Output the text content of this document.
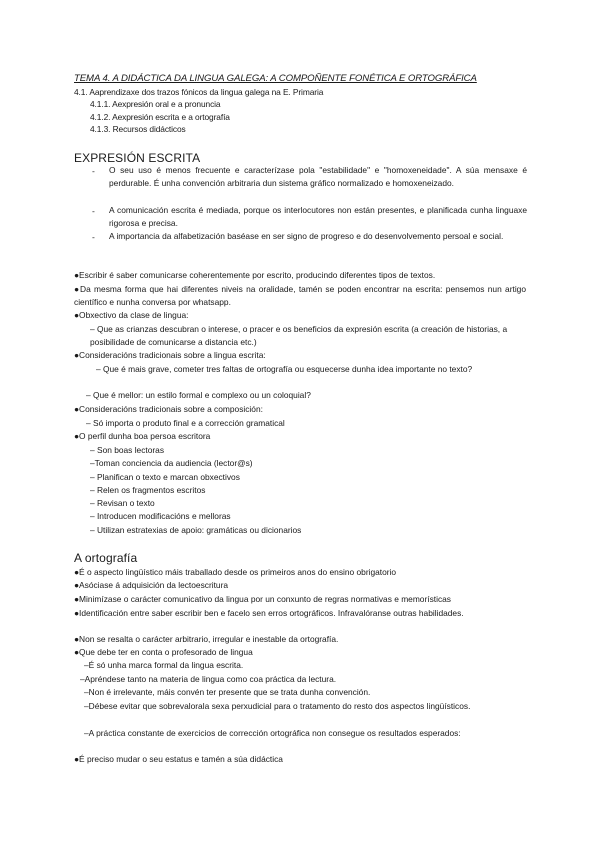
TEMA 4. A DIDÁCTICA DA LINGUA GALEGA: A COMPOÑENTE FONÉTICA E ORTOGRÁFICA
4.1. Aaprendizaxe dos trazos fónicos da lingua galega na E. Primaria
4.1.1. Aexpresión oral e a pronuncia
4.1.2. Aexpresión escrita e a ortografía
4.1.3. Recursos didácticos
EXPRESIÓN ESCRITA
- O seu uso é menos frecuente e caracterízase pola "estabilidade" e "homoxeneidade". A súa mensaxe é perdurable. É unha convención arbitraria dun sistema gráfico normalizado e homoxeneizado.
- A comunicación escrita é mediada, porque os interlocutores non están presentes, e planificada cunha linguaxe rigorosa e precisa.
- A importancia da alfabetización baséase en ser signo de progreso e do desenvolvemento persoal e social.
●Escribir é saber comunicarse coherentemente por escrito, producindo diferentes tipos de textos.
●Da mesma forma que hai diferentes niveis na oralidade, tamén se poden encontrar na escrita: pensemos nun artigo científico e nunha conversa por whatsapp.
●Obxectivo da clase de lingua:
– Que as crianzas descubran o interese, o pracer e os beneficios da expresión escrita (a creación de historias, a posibilidade de comunicarse a distancia etc.)
●Consideracións tradicionais sobre a lingua escrita:
– Que é mais grave, cometer tres faltas de ortografía ou esquecerse dunha idea importante no texto?
– Que é mellor: un estilo formal e complexo ou un coloquial?
●Consideracións tradicionais sobre a composición:
– Só importa o produto final e a corrección gramatical
●O perfil dunha boa persoa escritora
– Son boas lectoras
–Toman conciencia da audiencia (lector@s)
– Planifican o texto e marcan obxectivos
– Relen os fragmentos escritos
– Revisan o texto
– Introducen modificacións e melloras
– Utilizan estratexias de apoio: gramáticas ou dicionarios
A ortografía
●É o aspecto lingüístico máis traballado desde os primeiros anos do ensino obrigatorio
●Asóciase á adquisición da lectoescritura
●Minimízase o carácter comunicativo da lingua por un conxunto de regras normativas e memorísticas
●Identificación entre saber escribir ben e facelo sen erros ortográficos. Infravalóranse outras habilidades.
●Non se resalta o carácter arbitrario, irregular e inestable da ortografía.
●Que debe ter en conta o profesorado de lingua
–É só unha marca formal da lingua escrita.
–Apréndese tanto na materia de lingua como coa práctica da lectura.
–Non é irrelevante, máis convén ter presente que se trata dunha convención.
–Débese evitar que sobrevalorala sexa perxudicial para o tratamento do resto dos aspectos lingüísticos.
–A práctica constante de exercicios de corrección ortográfica non consegue os resultados esperados:
●É preciso mudar o seu estatus e tamén a súa didáctica
